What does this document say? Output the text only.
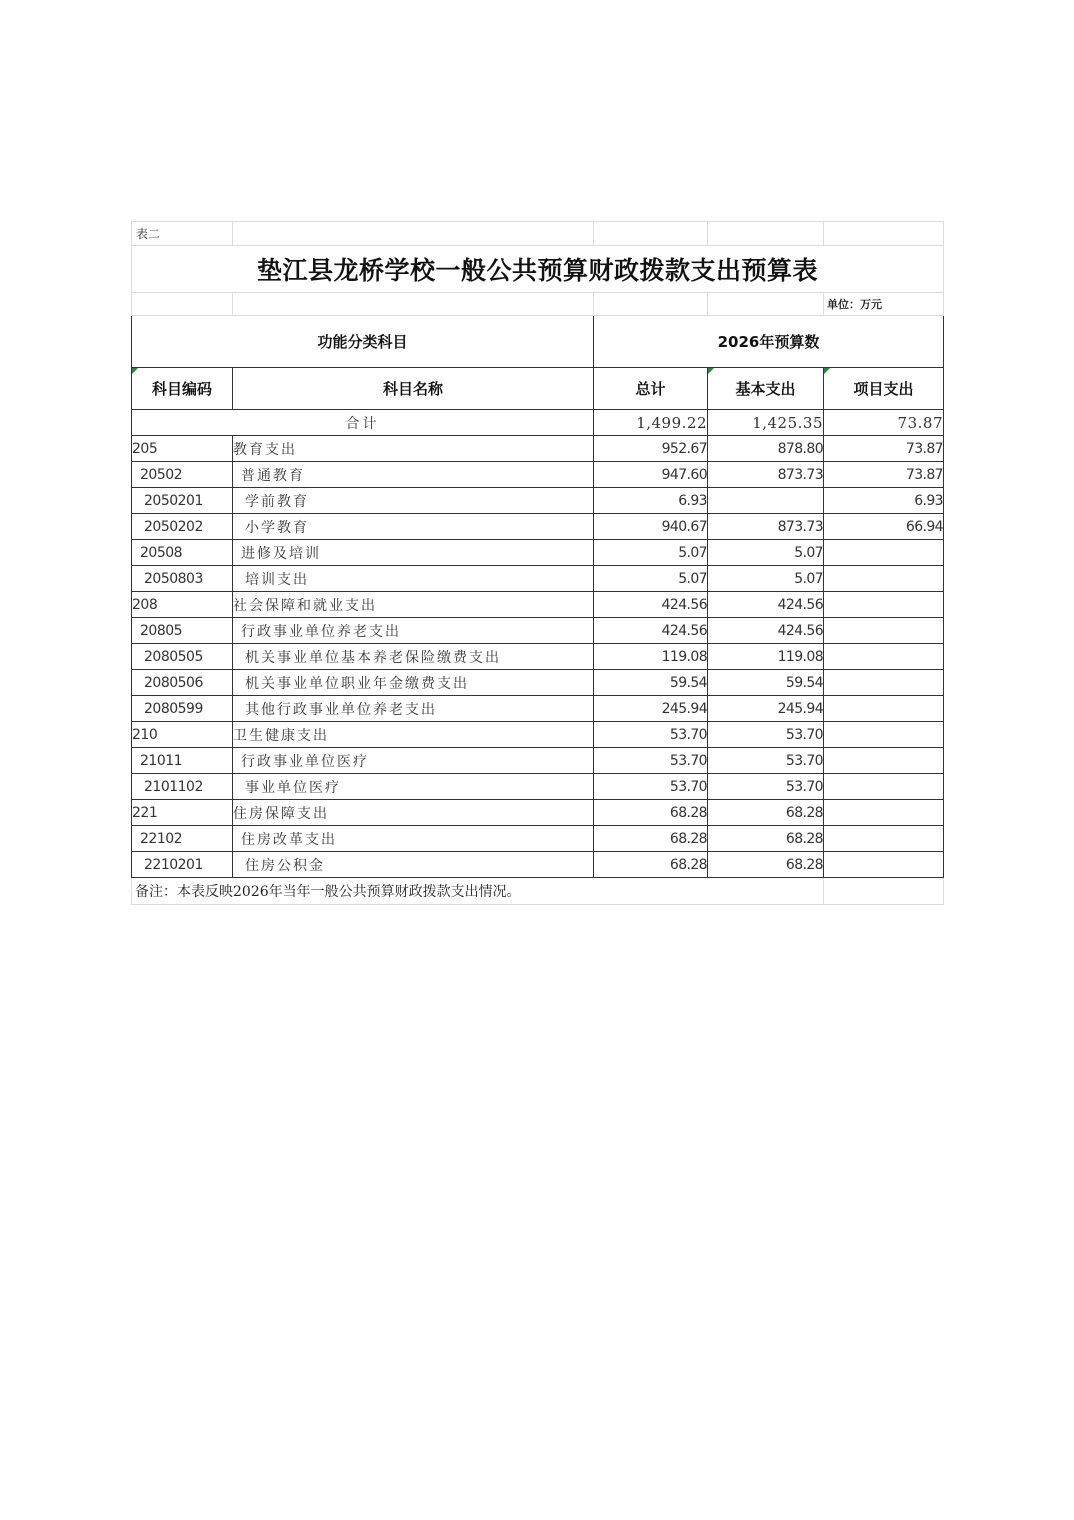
表二				
垫江县龙桥学校一般公共预算财政拨款支出预算表				
				单位：万元
功能分类科目		2026年预算数		
科目编码	科目名称	总计	基本支出	项目支出
合计		1,499.22	1,425.35	73.87
205	教育支出	952.67	878.80	73.87
20502	普通教育	947.60	873.73	73.87
2050201	学前教育	6.93		6.93
2050202	小学教育	940.67	873.73	66.94
20508	进修及培训	5.07	5.07	
2050803	培训支出	5.07	5.07	
208	社会保障和就业支出	424.56	424.56	
20805	行政事业单位养老支出	424.56	424.56	
2080505	机关事业单位基本养老保险缴费支出	119.08	119.08	
2080506	机关事业单位职业年金缴费支出	59.54	59.54	
2080599	其他行政事业单位养老支出	245.94	245.94	
210	卫生健康支出	53.70	53.70	
21011	行政事业单位医疗	53.70	53.70	
2101102	事业单位医疗	53.70	53.70	
221	住房保障支出	68.28	68.28	
22102	住房改革支出	68.28	68.28	
2210201	住房公积金	68.28	68.28	
备注：本表反映2026年当年一般公共预算财政拨款支出情况。				
